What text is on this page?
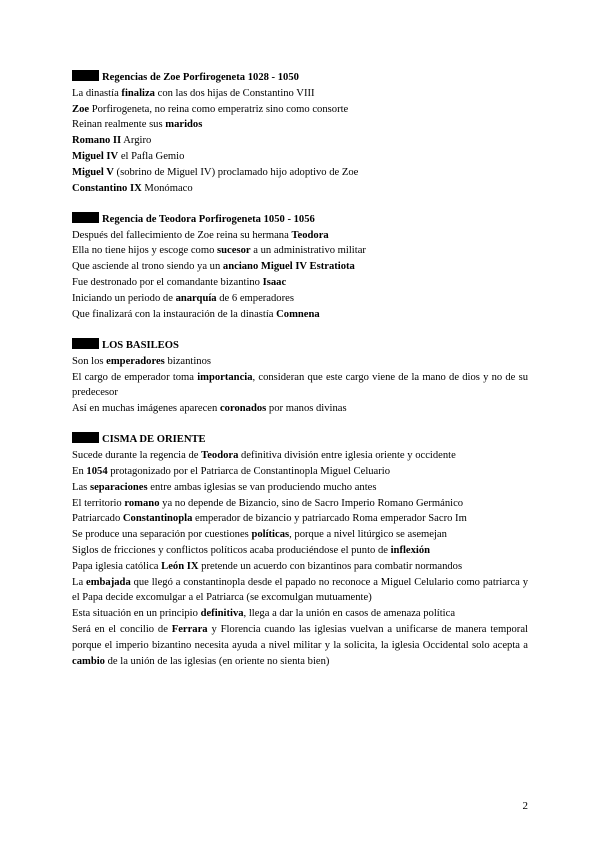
Regencias de Zoe Porfirogeneta 1028 - 1050
La dinastía finaliza con las dos hijas de Constantino VIII
Zoe Porfirogeneta, no reina como emperatriz sino como consorte
Reinan realmente sus maridos
Romano II Argiro
Miguel IV el Pafla Gemio
Miguel V (sobrino de Miguel IV) proclamado hijo adoptivo de Zoe
Constantino IX Monómaco
Regencia de Teodora Porfirogeneta 1050 - 1056
Después del fallecimiento de Zoe reina su hermana Teodora
Ella no tiene hijos y escoge como sucesor a un administrativo militar
Que asciende al trono siendo ya un anciano Miguel IV Estratiota
Fue destronado por el comandante bizantino Isaac
Iniciando un periodo de anarquía de 6 emperadores
Que finalizará con la instauración de la dinastía Comnena
LOS BASILEOS
Son los emperadores bizantinos
El cargo de emperador toma importancia, consideran que este cargo viene de la mano de dios y no de su predecesor
Así en muchas imágenes aparecen coronados por manos divinas
CISMA DE ORIENTE
Sucede durante la regencia de Teodora definitiva división entre iglesia oriente y occidente
En 1054 protagonizado por el Patriarca de Constantinopla Miguel Celuario
Las separaciones entre ambas iglesias se van produciendo mucho antes
El territorio romano ya no depende de Bizancio, sino de Sacro Imperio Romano Germánico
Patriarcado Constantinopla emperador de bizancio y patriarcado Roma emperador Sacro Im
Se produce una separación por cuestiones políticas, porque a nivel litúrgico se asemejan
Siglos de fricciones y conflictos políticos acaba produciéndose el punto de inflexión
Papa iglesia católica León IX pretende un acuerdo con bizantinos para combatir normandos
La embajada que llegó a constantinopla desde el papado no reconoce a Miguel Celulario como patriarca y el Papa decide excomulgar a el Patriarca (se excomulgan mutuamente)
Esta situación en un principio definitiva, llega a dar la unión en casos de amenaza política
Será en el concilio de Ferrara y Florencia cuando las iglesias vuelvan a unificarse de manera temporal porque el imperio bizantino necesita ayuda a nivel militar y la solicita, la iglesia Occidental solo acepta a cambio de la unión de las iglesias (en oriente no sienta bien)
2
